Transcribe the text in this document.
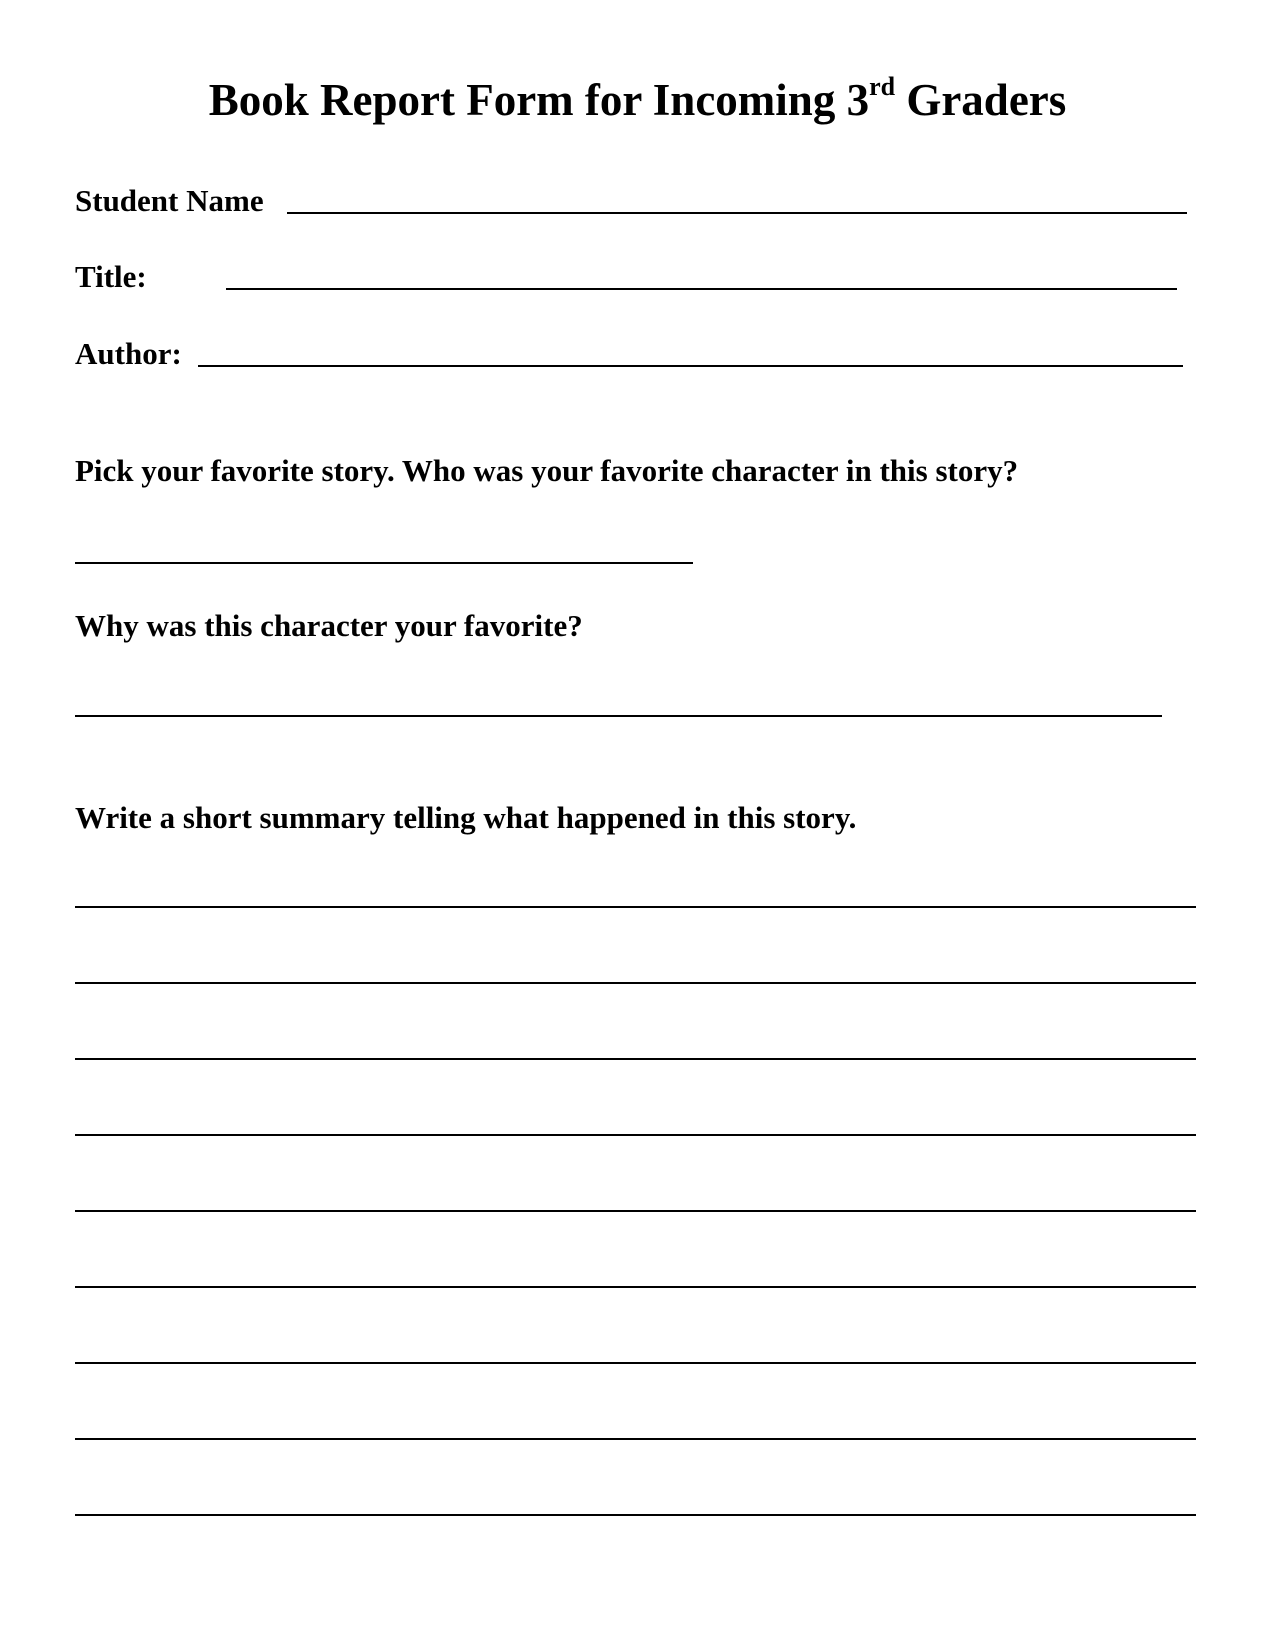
Book Report Form for Incoming 3rd Graders
Student Name
Title:
Author:
Pick your favorite story. Who was your favorite character in this story?
Why was this character your favorite?
Write a short summary telling what happened in this story.
